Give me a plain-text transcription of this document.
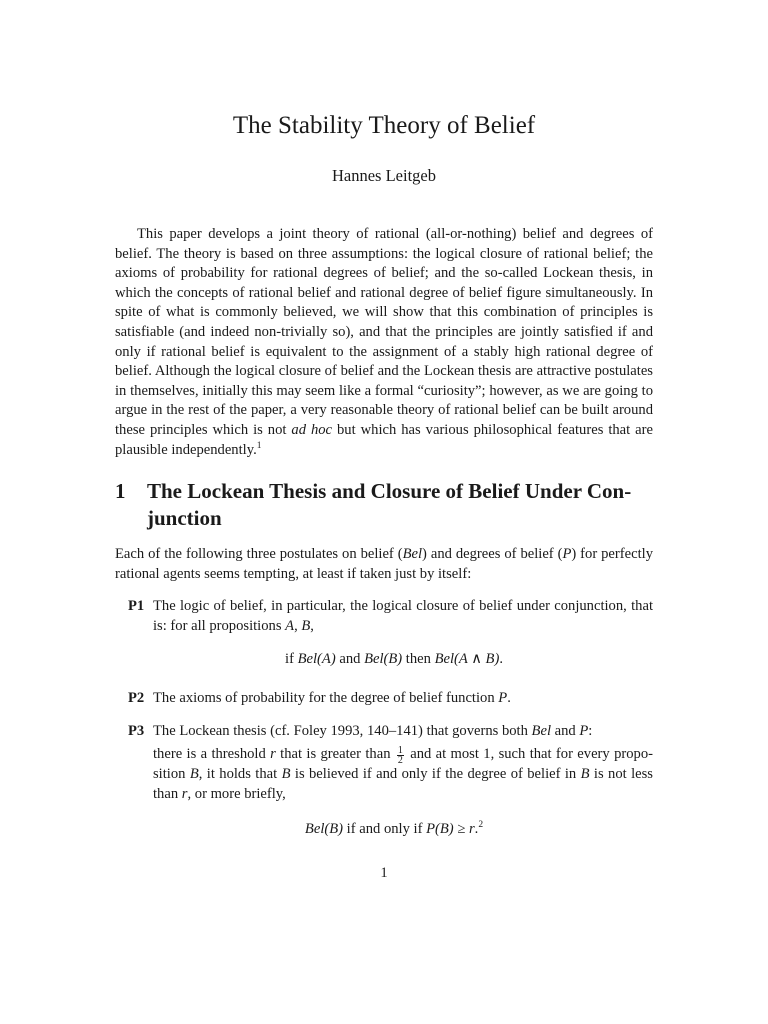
The Stability Theory of Belief
Hannes Leitgeb

This paper develops a joint theory of rational (all-or-nothing) belief and degrees of belief. The theory is based on three assumptions: the logical closure of rational belief; the axioms of probability for rational degrees of belief; and the so-called Lockean thesis, in which the concepts of rational belief and rational degree of belief figure simultaneously. In spite of what is commonly believed, we will show that this combination of principles is satisfiable (and indeed non-trivially so), and that the principles are jointly satisfied if and only if rational belief is equivalent to the assignment of a stably high rational degree of belief. Although the logical closure of belief and the Lockean thesis are attractive postulates in themselves, initially this may seem like a formal “curiosity”; however, as we are going to argue in the rest of the paper, a very reasonable theory of rational belief can be built around these principles which is not ad hoc but which has various philosophical features that are plausible independently.$^1$

1	The Lockean Thesis and Closure of Belief Under Con-junction

Each of the following three postulates on belief (Bel) and degrees of belief (P) for perfectly rational agents seems tempting, at least if taken just by itself:

P1 The logic of belief, in particular, the logical closure of belief under conjunction, that is: for all propositions A, B,
if Bel(A) and Bel(B) then Bel(A ∧ B).
P2 The axioms of probability for the degree of belief function P.
P3 The Lockean thesis (cf. Foley 1993, 140–141) that governs both Bel and P:

there is a threshold r that is greater than $\frac{1}{2}$ and at most 1, such that for every propo-sition B, it holds that B is believed if and only if the degree of belief in B is not less than r, or more briefly,

Bel(B) if and only if P(B) ≥ r.$^2$
1
